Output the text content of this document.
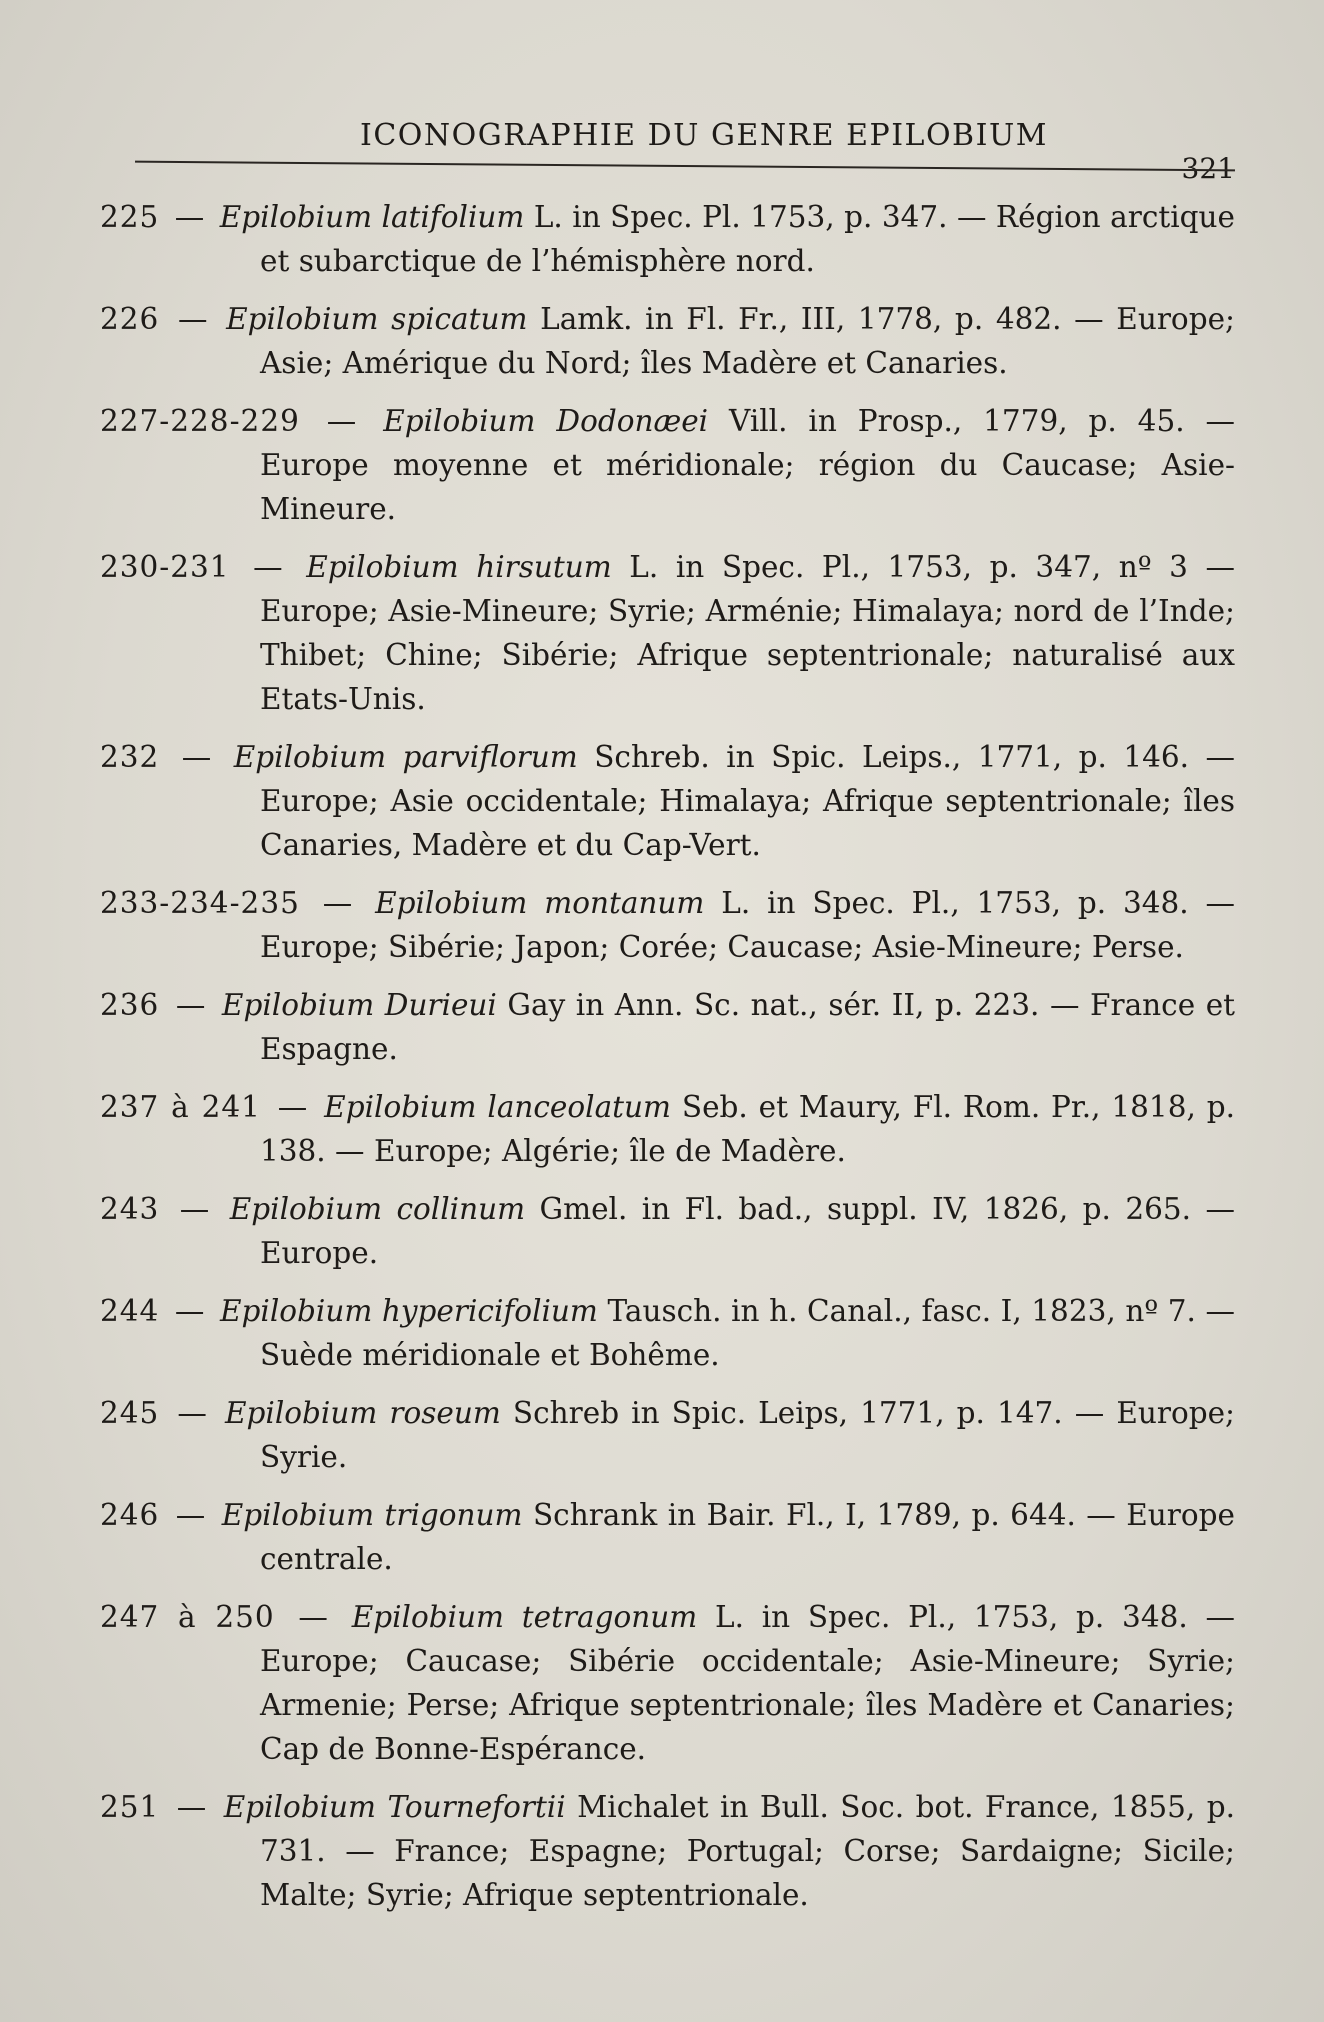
ICONOGRAPHIE DU GENRE EPILOBIUM
321

225 — Epilobium latifolium L. in Spec. Pl. 1753, p. 347. — Région arctique et subarctique de l’hémisphère nord.

226 — Epilobium spicatum Lamk. in Fl. Fr., III, 1778, p. 482. — Europe; Asie; Amérique du Nord; îles Madère et Canaries.

227-228-229 — Epilobium Dodonæei Vill. in Prosp., 1779, p. 45. — Europe moyenne et méridionale; région du Caucase; Asie-Mineure.

230-231 — Epilobium hirsutum L. in Spec. Pl., 1753, p. 347, nº 3 — Europe; Asie-Mineure; Syrie; Arménie; Himalaya; nord de l’Inde; Thibet; Chine; Sibérie; Afrique septentrionale; naturalisé aux Etats-Unis.

232 — Epilobium parviflorum Schreb. in Spic. Leips., 1771, p. 146. — Europe; Asie occidentale; Himalaya; Afrique septentrionale; îles Canaries, Madère et du Cap-Vert.

233-234-235 — Epilobium montanum L. in Spec. Pl., 1753, p. 348. — Europe; Sibérie; Japon; Corée; Caucase; Asie-Mineure; Perse.

236 — Epilobium Durieui Gay in Ann. Sc. nat., sér. II, p. 223. — France et Espagne.

237 à 241 — Epilobium lanceolatum Seb. et Maury, Fl. Rom. Pr., 1818, p. 138. — Europe; Algérie; île de Madère.

243 — Epilobium collinum Gmel. in Fl. bad., suppl. IV, 1826, p. 265. — Europe.

244 — Epilobium hypericifolium Tausch. in h. Canal., fasc. I, 1823, nº 7. — Suède méridionale et Bohême.

245 — Epilobium roseum Schreb in Spic. Leips, 1771, p. 147. — Europe; Syrie.

246 — Epilobium trigonum Schrank in Bair. Fl., I, 1789, p. 644. — Europe centrale.

247 à 250 — Epilobium tetragonum L. in Spec. Pl., 1753, p. 348. — Europe; Caucase; Sibérie occidentale; Asie-Mineure; Syrie; Armenie; Perse; Afrique septentrionale; îles Madère et Canaries; Cap de Bonne-Espérance.

251 — Epilobium Tournefortii Michalet in Bull. Soc. bot. France, 1855, p. 731. — France; Espagne; Portugal; Corse; Sardaigne; Sicile; Malte; Syrie; Afrique septentrionale.
